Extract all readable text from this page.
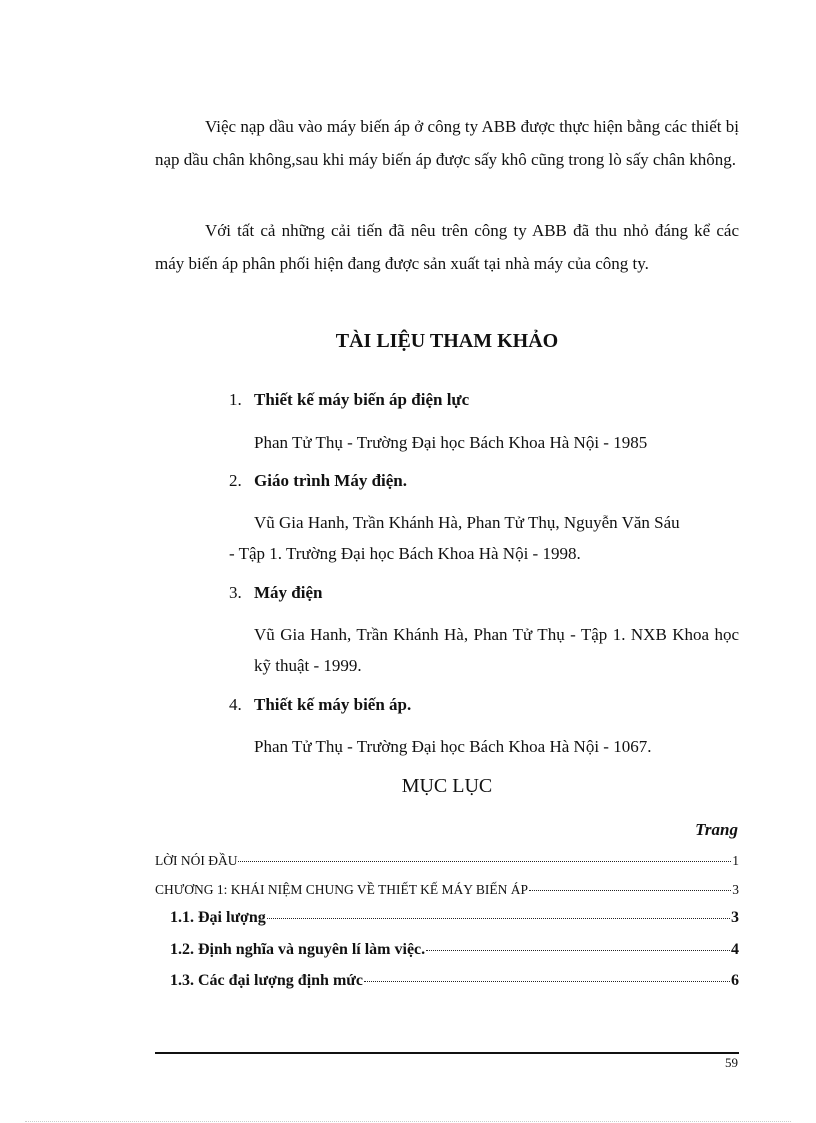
Việc nạp dầu vào máy biến áp ở công ty ABB được thực hiện bằng các thiết bị nạp dầu chân không,sau khi máy biến áp được sấy khô cũng trong lò sấy chân không.
Với tất cả những cải tiến đã nêu trên công ty ABB đã thu nhỏ đáng kể các máy biến áp phân phối hiện đang được sản xuất tại nhà máy của công ty.
TÀI LIỆU THAM KHẢO
1. Thiết kế máy biến áp điện lực
Phan Tử Thụ - Trường Đại học Bách Khoa Hà Nội - 1985
2. Giáo trình Máy điện.
Vũ Gia Hanh, Trần Khánh Hà, Phan Tử Thụ, Nguyễn Văn Sáu
- Tập 1. Trường Đại học Bách Khoa Hà Nội - 1998.
3. Máy điện
Vũ Gia Hanh, Trần Khánh Hà, Phan Tử Thụ - Tập 1. NXB Khoa học kỹ thuật - 1999.
4. Thiết kế máy biến áp.
Phan Tử Thụ - Trường Đại học Bách Khoa Hà Nội - 1067.
MỤC LỤC
Trang
LỜI NÓI ĐẦU	1
CHƯƠNG 1: KHÁI NIỆM CHUNG VỀ THIẾT KẾ MÁY BIẾN ÁP	3
1.1. Đại lượng	3
1.2. Định nghĩa và nguyên lí làm việc.	4
1.3. Các đại lượng định mức	6
59
